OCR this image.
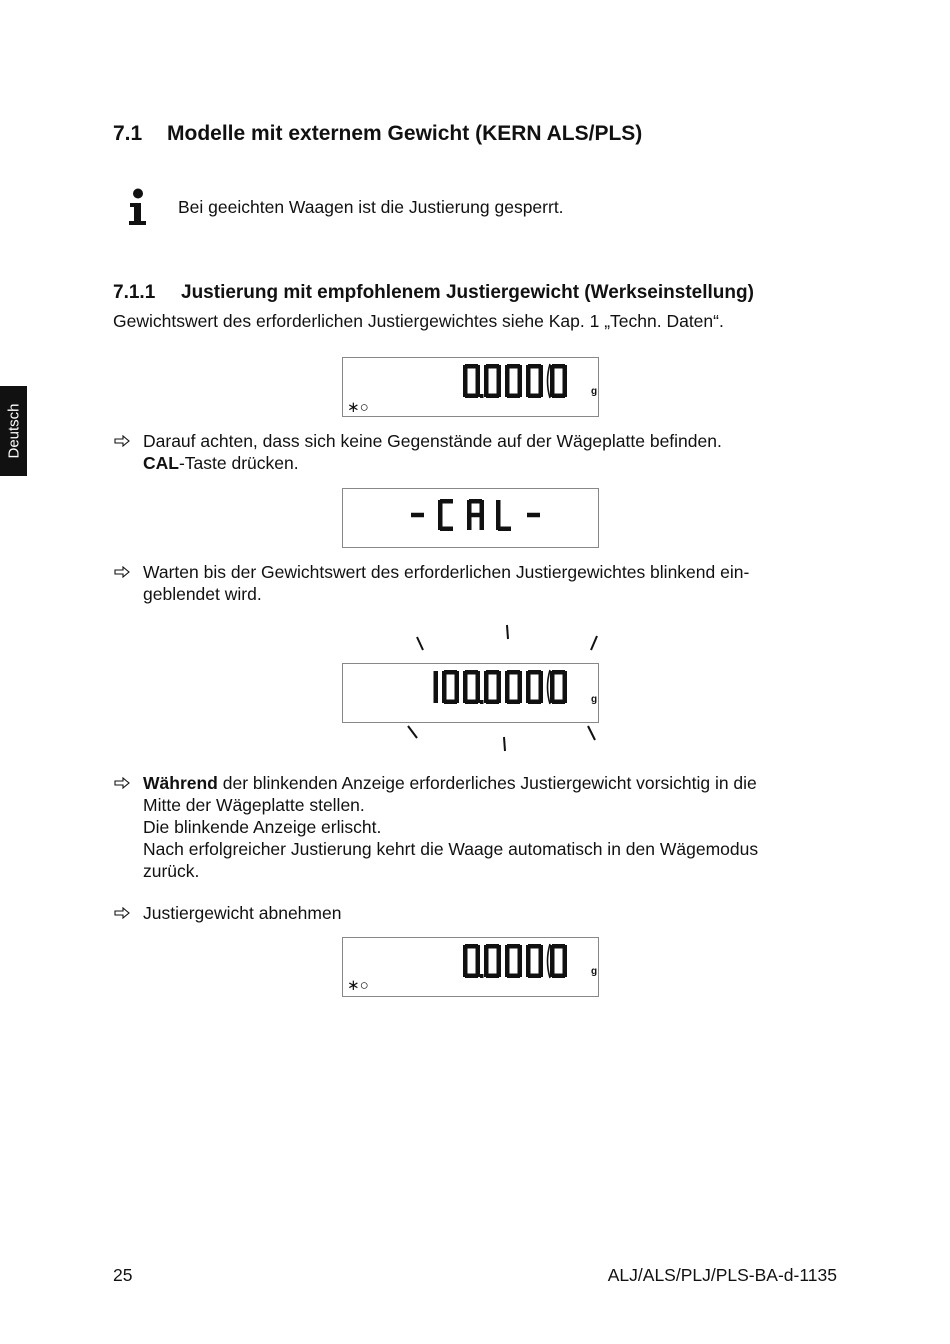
Deutsch
7.1 Modelle mit externem Gewicht (KERN ALS/PLS)
Bei geeichten Waagen ist die Justierung gesperrt.
7.1.1 Justierung mit empfohlenem Justiergewicht (Werkseinstellung)
Gewichtswert des erforderlichen Justiergewichtes siehe Kap. 1 „Techn. Daten“.
g
∗○
Darauf achten, dass sich keine Gegenstände auf der Wägeplatte befinden.
CAL-Taste drücken.
Warten bis der Gewichtswert des erforderlichen Justiergewichtes blinkend ein-
geblendet wird.
g
Während der blinkenden Anzeige erforderliches Justiergewicht vorsichtig in die
Mitte der Wägeplatte stellen.
Die blinkende Anzeige erlischt.
Nach erfolgreicher Justierung kehrt die Waage automatisch in den Wägemodus
zurück.
Justiergewicht abnehmen
g
∗○
25	ALJ/ALS/PLJ/PLS-BA-d-1135
